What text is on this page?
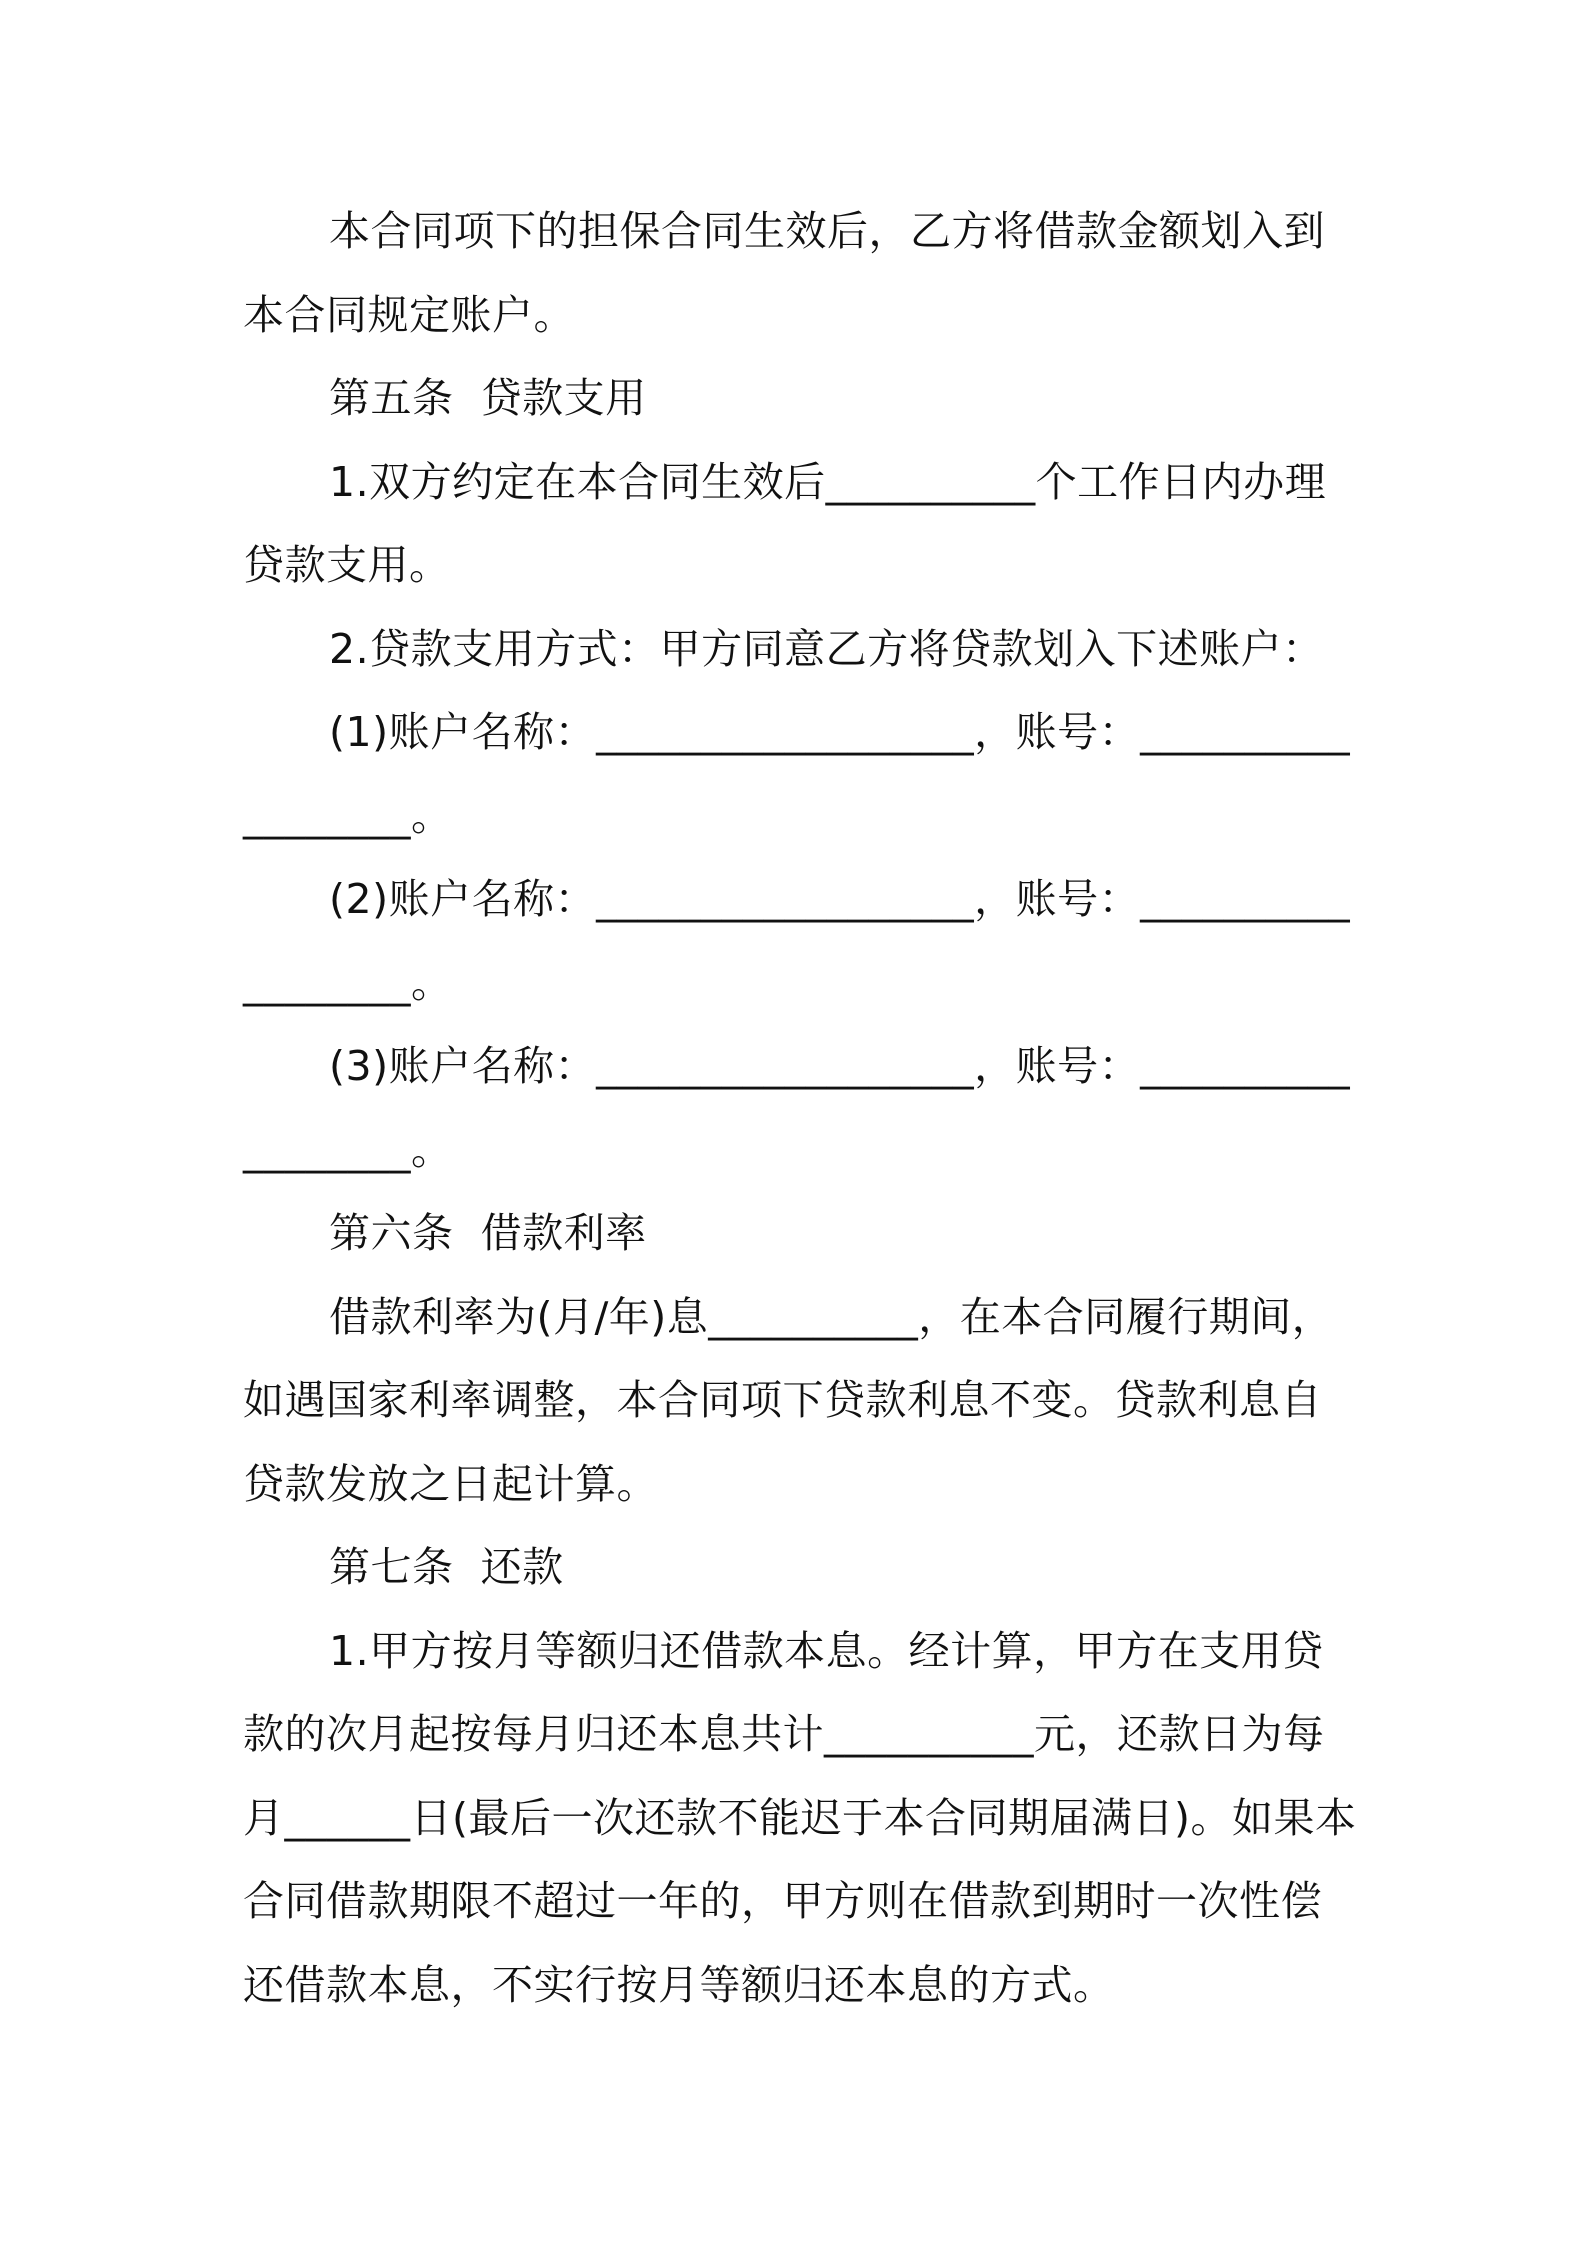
本合同项下的担保合同生效后，乙方将借款金额划入到本合同规定账户。

第五条  贷款支用

1.双方约定在本合同生效后__________个工作日内办理贷款支用。

2.贷款支用方式：甲方同意乙方将贷款划入下述账户：

(1)账户名称：__________________，账号：__________________。

(2)账户名称：__________________，账号：__________________。

(3)账户名称：__________________，账号：__________________。

第六条  借款利率

借款利率为(月/年)息__________，在本合同履行期间，如遇国家利率调整，本合同项下贷款利息不变。贷款利息自贷款发放之日起计算。

第七条  还款

1.甲方按月等额归还借款本息。经计算，甲方在支用贷款的次月起按每月归还本息共计__________元，还款日为每月______日(最后一次还款不能迟于本合同期届满日)。如果本合同借款期限不超过一年的，甲方则在借款到期时一次性偿还借款本息，不实行按月等额归还本息的方式。
